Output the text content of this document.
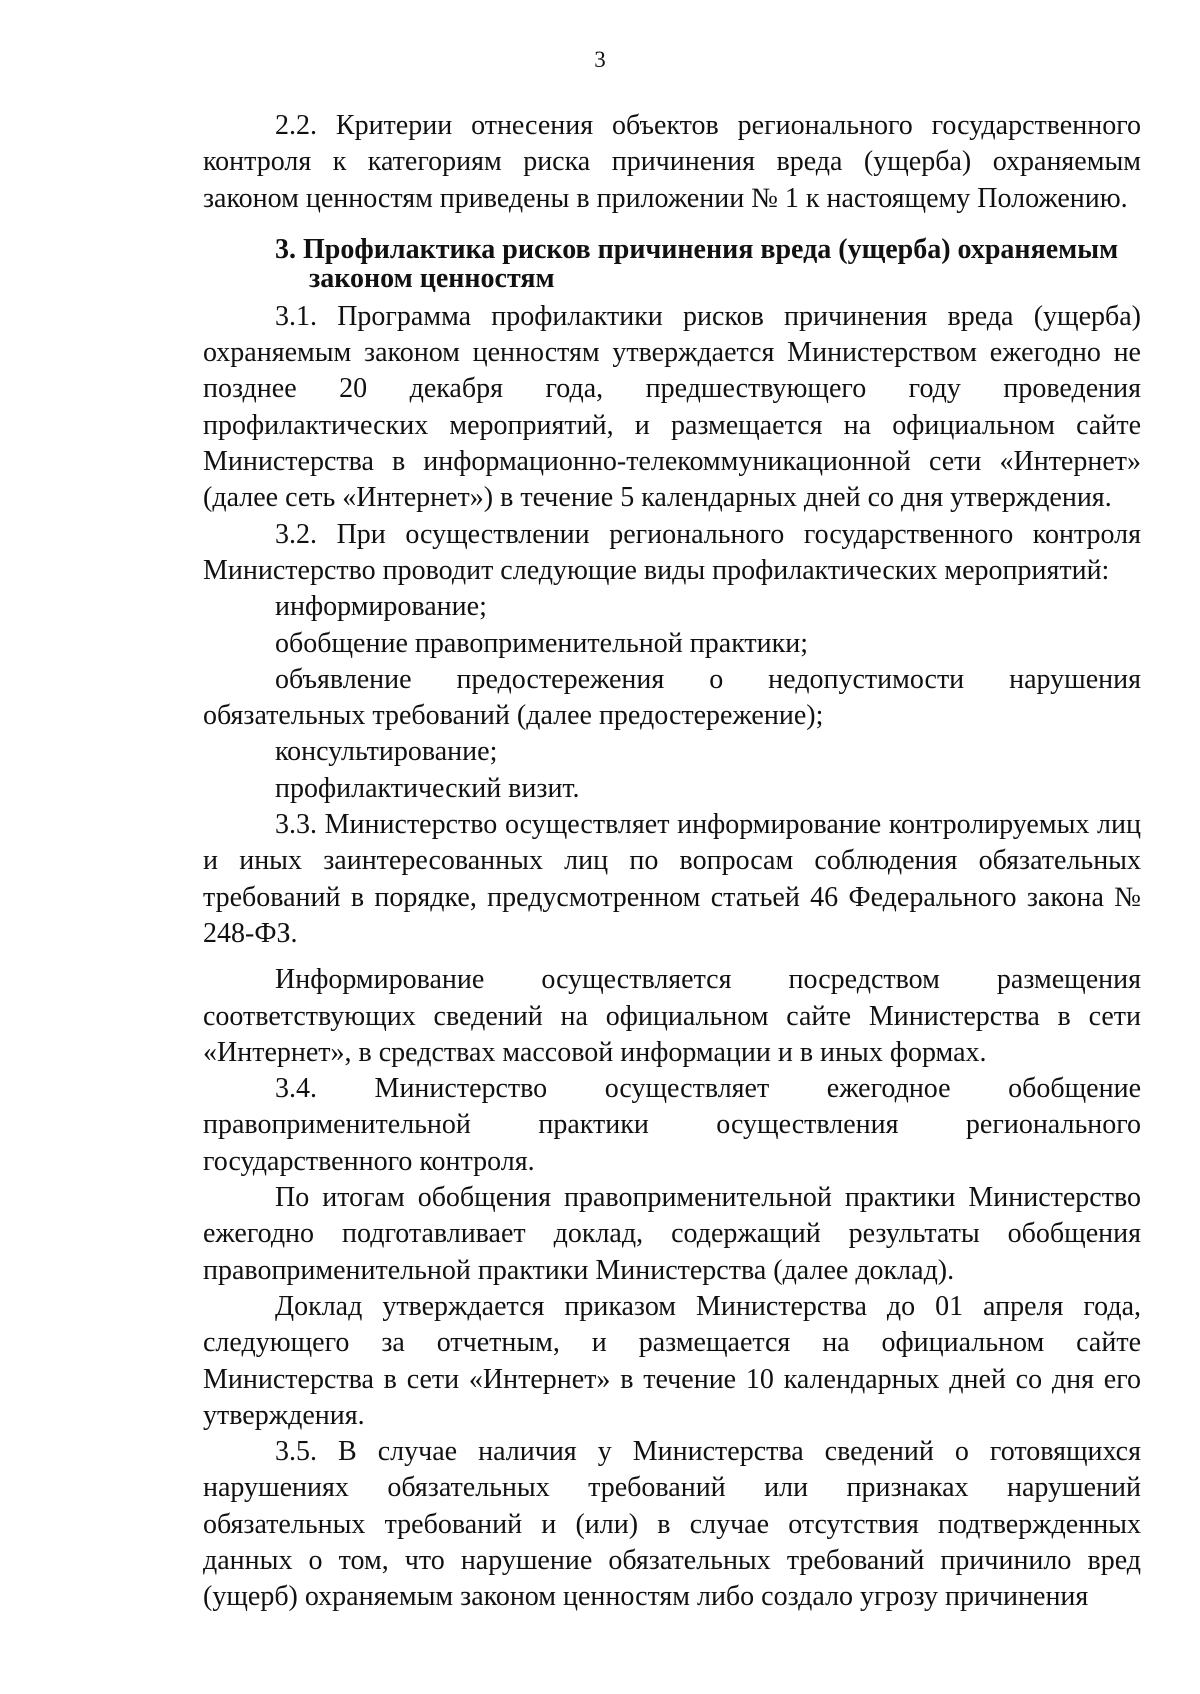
3

2.2. Критерии отнесения объектов регионального государственного контроля к категориям риска причинения вреда (ущерба) охраняемым законом ценностям приведены в приложении № 1 к настоящему Положению.

3. Профилактика рисков причинения вреда (ущерба) охраняемым
законом ценностям

3.1. Программа профилактики рисков причинения вреда (ущерба) охраняемым законом ценностям утверждается Министерством ежегодно не позднее 20 декабря года, предшествующего году проведения профилактических мероприятий, и размещается на официальном сайте Министерства в информационно-телекоммуникационной сети «Интернет» (далее сеть «Интернет») в течение 5 календарных дней со дня утверждения.

3.2. При осуществлении регионального государственного контроля Министерство проводит следующие виды профилактических мероприятий:

информирование;

обобщение правоприменительной практики;

объявление предостережения о недопустимости нарушения обязательных требований (далее предостережение);

консультирование;

профилактический визит.

3.3. Министерство осуществляет информирование контролируемых лиц и иных заинтересованных лиц по вопросам соблюдения обязательных требований в порядке, предусмотренном статьей 46 Федерального закона № 248-ФЗ.

Информирование осуществляется посредством размещения соответствующих сведений на официальном сайте Министерства в сети «Интернет», в средствах массовой информации и в иных формах.

3.4. Министерство осуществляет ежегодное обобщение правоприменительной практики осуществления регионального государственного контроля.

По итогам обобщения правоприменительной практики Министерство ежегодно подготавливает доклад, содержащий результаты обобщения правоприменительной практики Министерства (далее доклад).

Доклад утверждается приказом Министерства до 01 апреля года, следующего за отчетным, и размещается на официальном сайте Министерства в сети «Интернет» в течение 10 календарных дней со дня его утверждения.

3.5. В случае наличия у Министерства сведений о готовящихся нарушениях обязательных требований или признаках нарушений обязательных требований и (или) в случае отсутствия подтвержденных данных о том, что нарушение обязательных требований причинило вред (ущерб) охраняемым законом ценностям либо создало угрозу причинения
